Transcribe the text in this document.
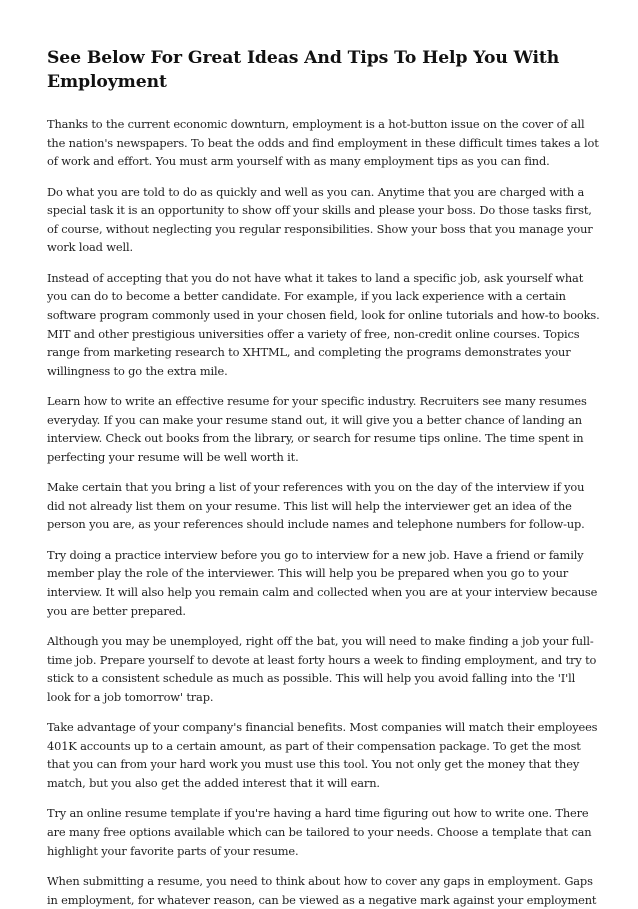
See Below For Great Ideas And Tips To Help You With Employment

Thanks to the current economic downturn, employment is a hot-button issue on the cover of all the nation's newspapers. To beat the odds and find employment in these difficult times takes a lot of work and effort. You must arm yourself with as many employment tips as you can find.

Do what you are told to do as quickly and well as you can. Anytime that you are charged with a special task it is an opportunity to show off your skills and please your boss. Do those tasks first, of course, without neglecting you regular responsibilities. Show your boss that you manage your work load well.

Instead of accepting that you do not have what it takes to land a specific job, ask yourself what you can do to become a better candidate. For example, if you lack experience with a certain software program commonly used in your chosen field, look for online tutorials and how-to books. MIT and other prestigious universities offer a variety of free, non-credit online courses. Topics range from marketing research to XHTML, and completing the programs demonstrates your willingness to go the extra mile.

Learn how to write an effective resume for your specific industry. Recruiters see many resumes everyday. If you can make your resume stand out, it will give you a better chance of landing an interview. Check out books from the library, or search for resume tips online. The time spent in perfecting your resume will be well worth it.

Make certain that you bring a list of your references with you on the day of the interview if you did not already list them on your resume. This list will help the interviewer get an idea of the person you are, as your references should include names and telephone numbers for follow-up.

Try doing a practice interview before you go to interview for a new job. Have a friend or family member play the role of the interviewer. This will help you be prepared when you go to your interview. It will also help you remain calm and collected when you are at your interview because you are better prepared.

Although you may be unemployed, right off the bat, you will need to make finding a job your full-time job. Prepare yourself to devote at least forty hours a week to finding employment, and try to stick to a consistent schedule as much as possible. This will help you avoid falling into the 'I'll look for a job tomorrow' trap.

Take advantage of your company's financial benefits. Most companies will match their employees 401K accounts up to a certain amount, as part of their compensation package. To get the most that you can from your hard work you must use this tool. You not only get the money that they match, but you also get the added interest that it will earn.

Try an online resume template if you're having a hard time figuring out how to write one. There are many free options available which can be tailored to your needs. Choose a template that can highlight your favorite parts of your resume.

When submitting a resume, you need to think about how to cover any gaps in employment. Gaps in employment, for whatever reason, can be viewed as a negative mark against your employment
